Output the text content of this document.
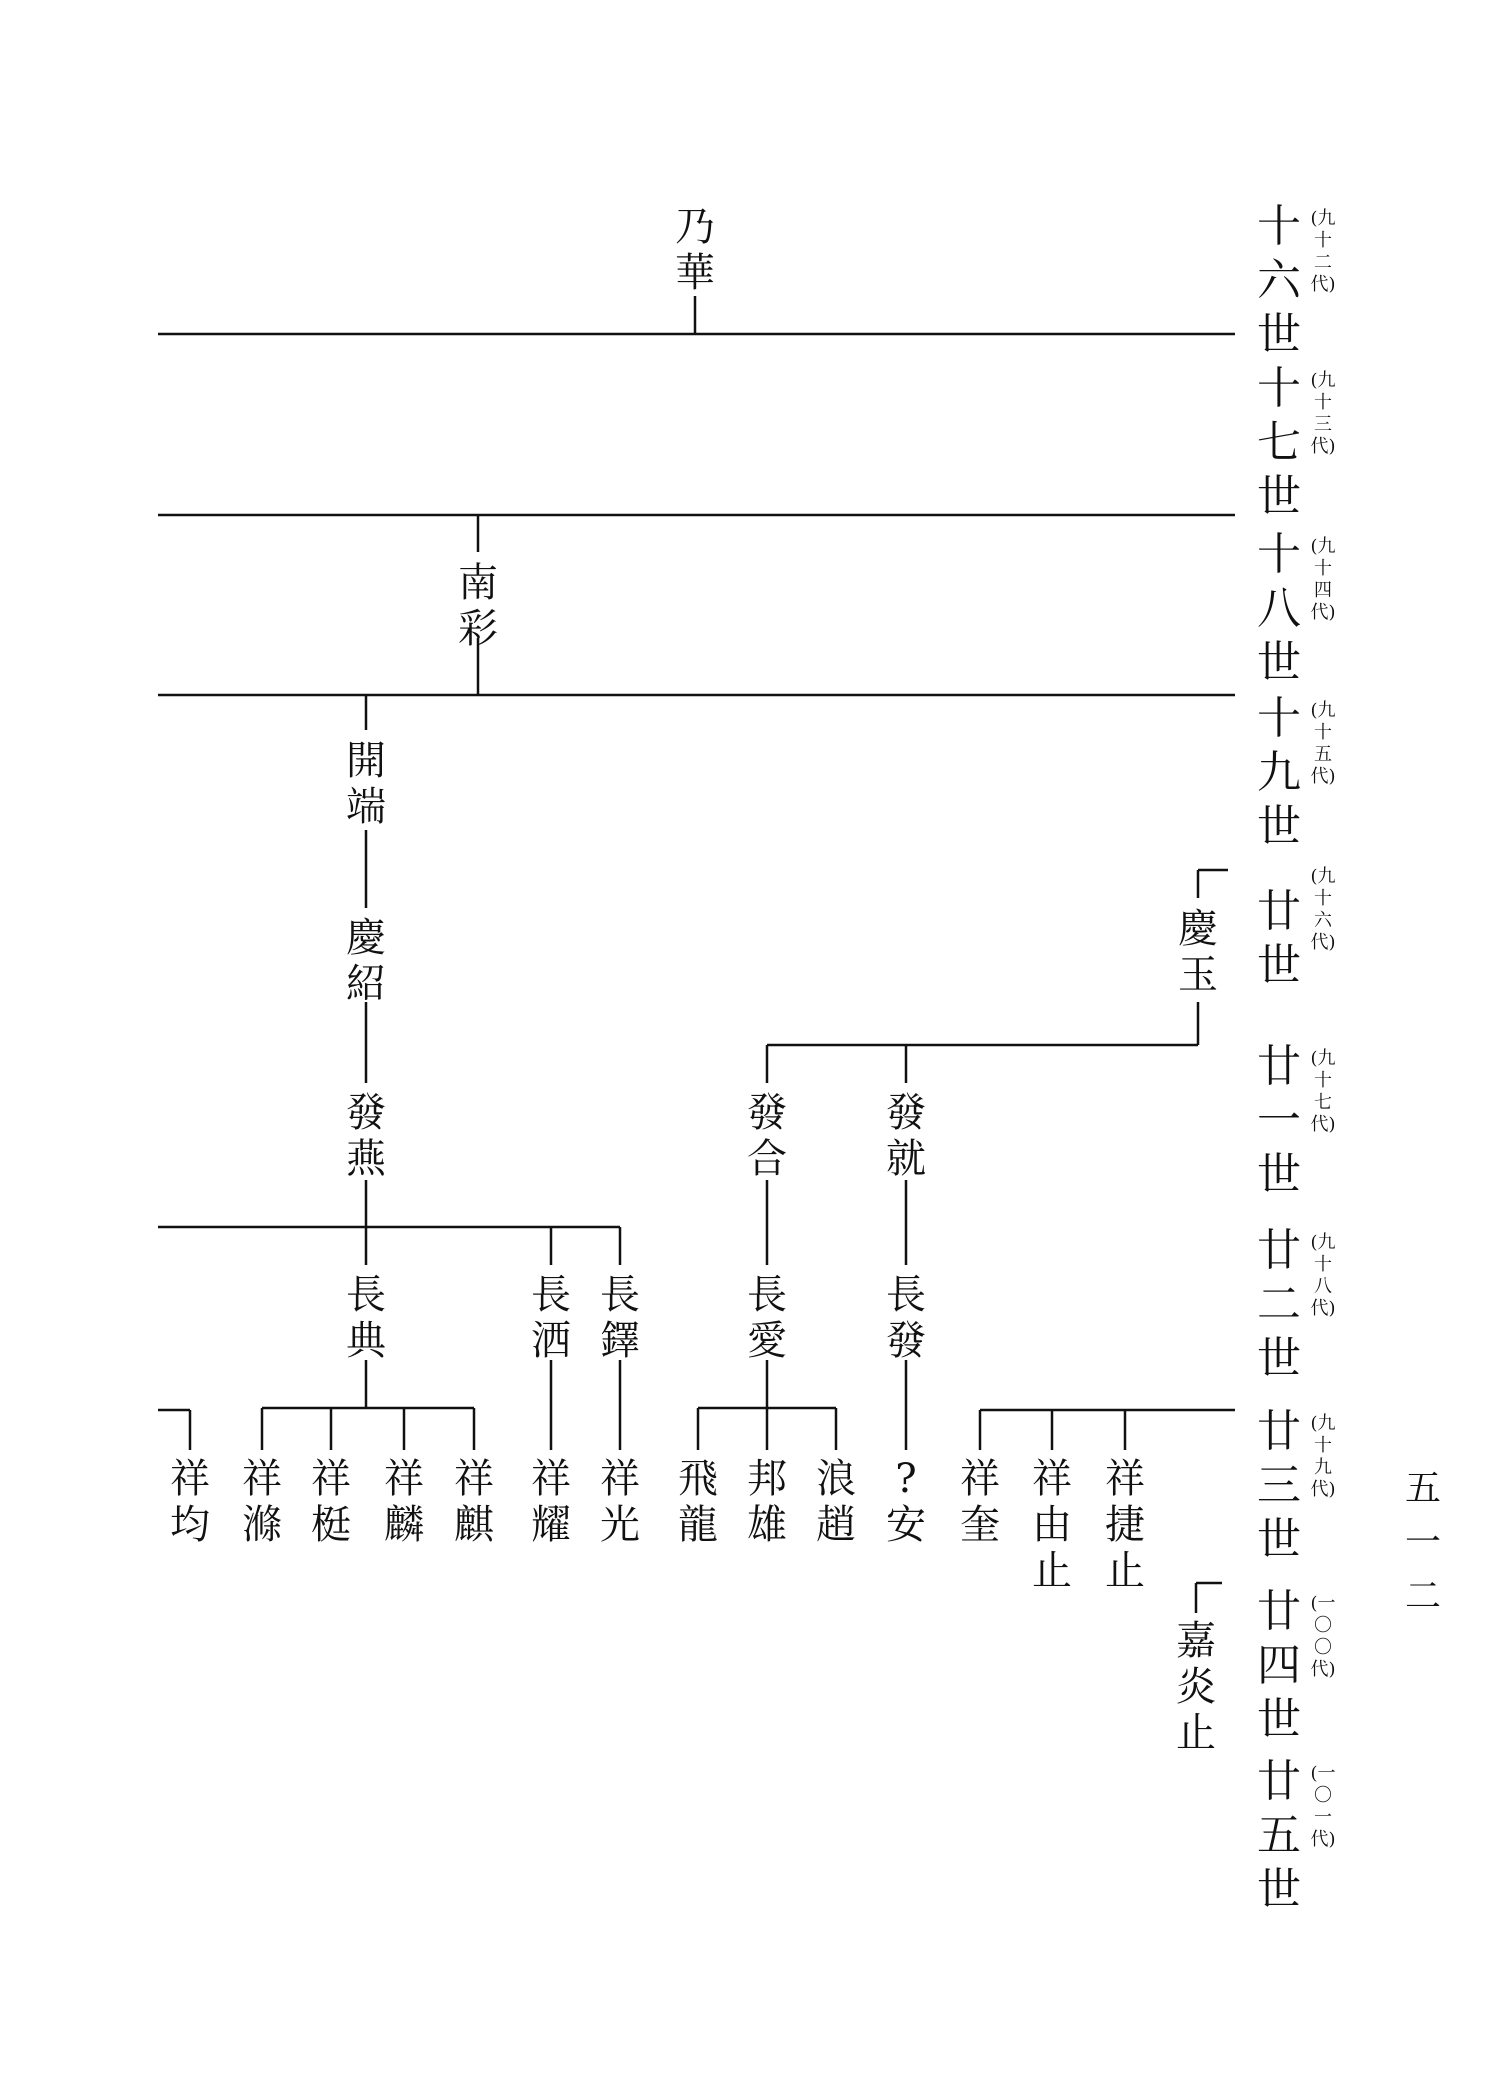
乃華
南彩
開端
慶紹
慶玉
發燕
發合
發就
長典
長洒
長鐸
長愛
長發
祥均
祥滌
祥梃
祥麟
祥麒
祥耀
祥光
飛龍
邦雄
浪趙
?安
祥奎
祥由止
祥捷止
嘉炎止
十六世
(九十二代)
十七世
(九十三代)
十八世
(九十四代)
十九世
(九十五代)
廿世
(九十六代)
廿一世
(九十七代)
廿二世
(九十八代)
廿三世
(九十九代)
廿四世
(一〇〇代)
廿五世
(一〇一代)
五一二
